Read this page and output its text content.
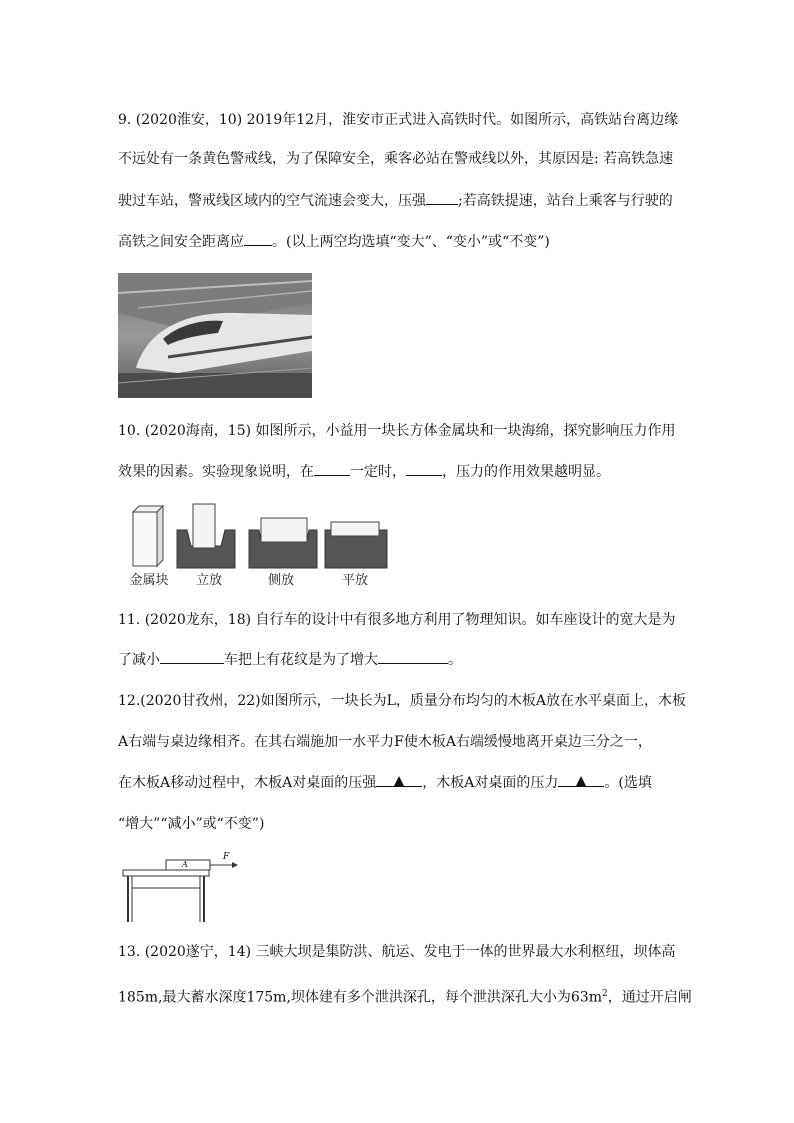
9. (2020淮安，10) 2019年12月，淮安市正式进入高铁时代。如图所示，高铁站台离边缘
不远处有一条黄色警戒线，为了保障安全，乘客必站在警戒线以外，其原因是: 若高铁急速
驶过车站，警戒线区域内的空气流速会变大，压强 ;若高铁提速，站台上乘客与行驶的
高铁之间安全距离应 。(以上两空均选填“变大”、“变小”或“不变”)
10. (2020海南，15) 如图所示，小益用一块长方体金属块和一块海绵，探究影响压力作用
效果的因素。实验现象说明，在	一定时，	，压力的作用效果越明显。
金属块	立放	侧放	平放
11. (2020龙东，18) 自行车的设计中有很多地方利用了物理知识。如车座设计的宽大是为
了减小	车把上有花纹是为了增大	。
12.(2020甘孜州，22)如图所示，一块长为L，质量分布均匀的木板A放在水平桌面上，木板
A右端与桌边缘相齐。在其右端施加一水平力F使木板A右端缓慢地离开桌边三分之一，
在木板A移动过程中，木板A对桌面的压强	，木板A对桌面的压力	。(选填
“增大”“减小”或“不变”)
A
F
13. (2020遂宁，14) 三峡大坝是集防洪、航运、发电于一体的世界最大水利枢纽，坝体高
185m,最大蓄水深度175m,坝体建有多个泄洪深孔，每个泄洪深孔大小为$63m^2$，通过开启闸
